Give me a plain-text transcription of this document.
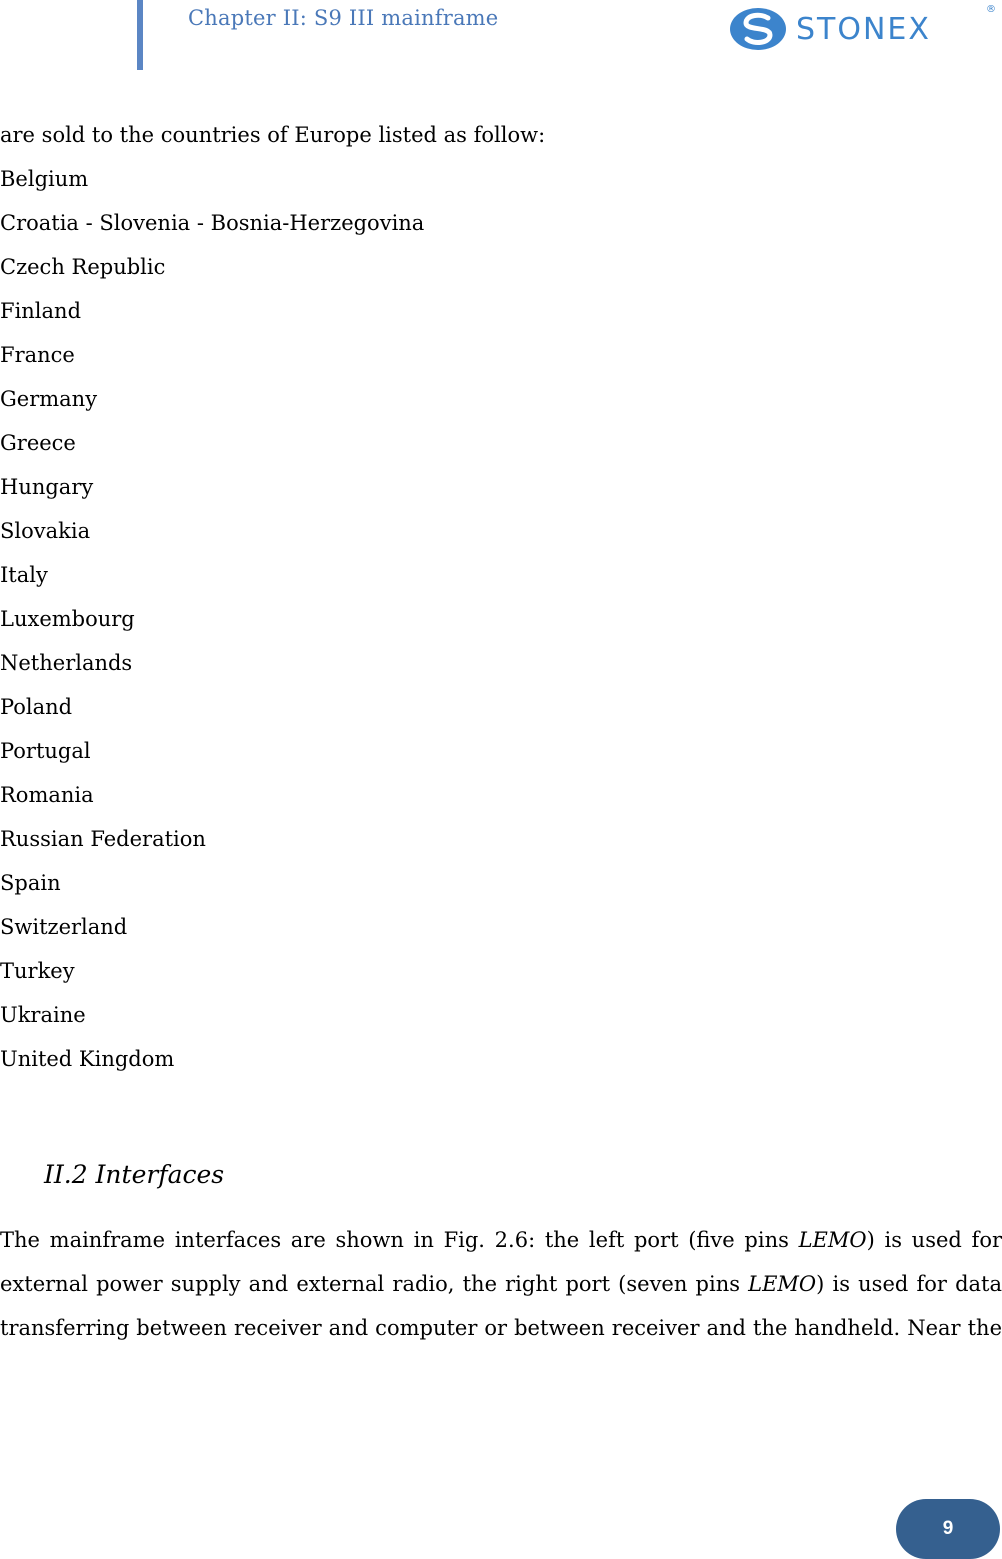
Chapter II: S9 III mainframe	STONEX
®
are sold to the countries of Europe listed as follow:
Belgium
Croatia - Slovenia - Bosnia-Herzegovina
Czech Republic
Finland
France
Germany
Greece
Hungary
Slovakia
Italy
Luxembourg
Netherlands
Poland
Portugal
Romania
Russian Federation
Spain
Switzerland
Turkey
Ukraine
United Kingdom
II.2 Interfaces
The mainframe interfaces are shown in Fig. 2.6: the left port (five pins LEMO) is used for
external power supply and external radio, the right port (seven pins LEMO) is used for data
transferring between receiver and computer or between receiver and the handheld. Near the
9
